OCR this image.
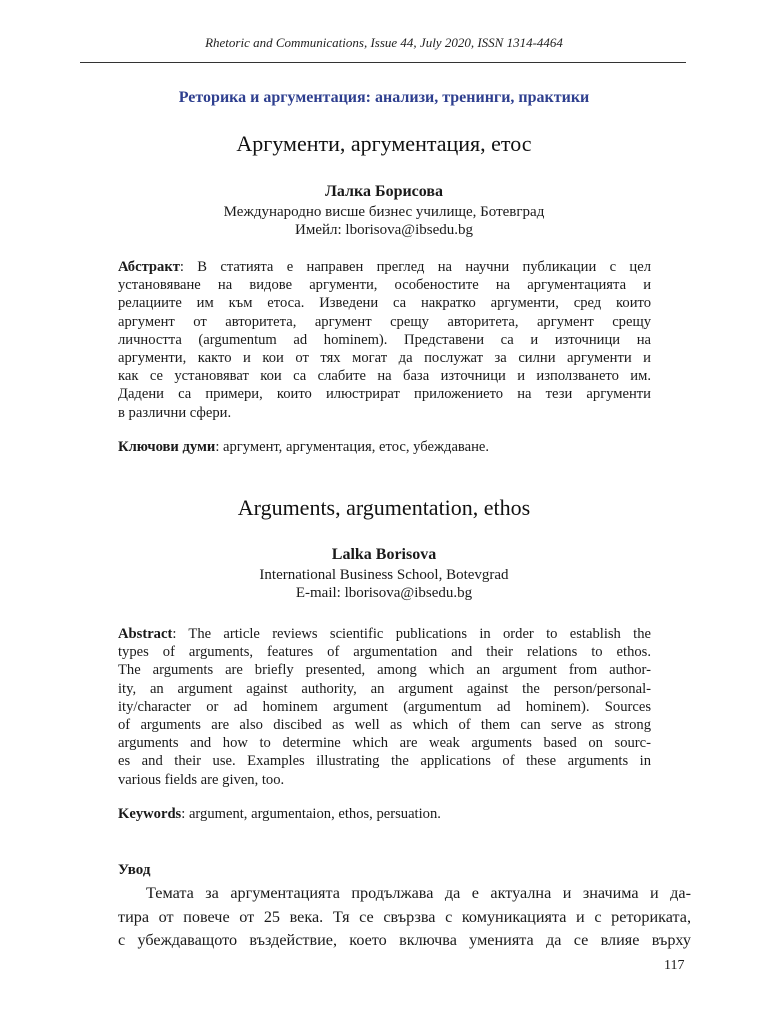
Rhetoric and Communications, Issue 44, July 2020, ISSN 1314-4464
Реторика и аргументация: анализи, тренинги, практики
Аргументи, аргументация, етос
Лалка Борисова
Международно висше бизнес училище, Ботевград
Имейл: lborisova@ibsedu.bg
Абстракт: В статията е направен преглед на научни публикации с цел
установяване на видове аргументи, особеностите на аргументацията и
релациите им към етоса. Изведени са накратко аргументи, сред които
аргумент от авторитета, аргумент срещу авторитета, аргумент срещу
личността (argumentum ad hominem). Представени са и източници на
аргументи, както и кои от тях могат да послужат за силни аргументи и
как се установяват кои са слабите на база източници и използването им.
Дадени са примери, които илюстрират приложението на тези аргументи
в различни сфери.
Ключови думи: аргумент, аргументация, етос, убеждаване.
Arguments, argumentation, ethos
Lalka Borisova
International Business School, Botevgrad
E-mail: lborisova@ibsedu.bg
Abstract: The article reviews scientific publications in order to establish the
types of arguments, features of argumentation and their relations to ethos.
The arguments are briefly presented, among which an argument from author-
ity, an argument against authority, an argument against the person/personal-
ity/character or ad hominem argument (argumentum ad hominem). Sources
of arguments are also discibed as well as which of them can serve as strong
arguments and how to determine which are weak arguments based on sourc-
es and their use. Examples illustrating the applications of these arguments in
various fields are given, too.
Keywords: argument, argumentaion, ethos, persuation.
Увод
Темата за аргументацията продължава да е актуална и значима и да-
тира от повече от 25 века. Тя се свързва с комуникацията и с реториката,
с убеждаващото въздействие, което включва уменията да се влияе върху
117
